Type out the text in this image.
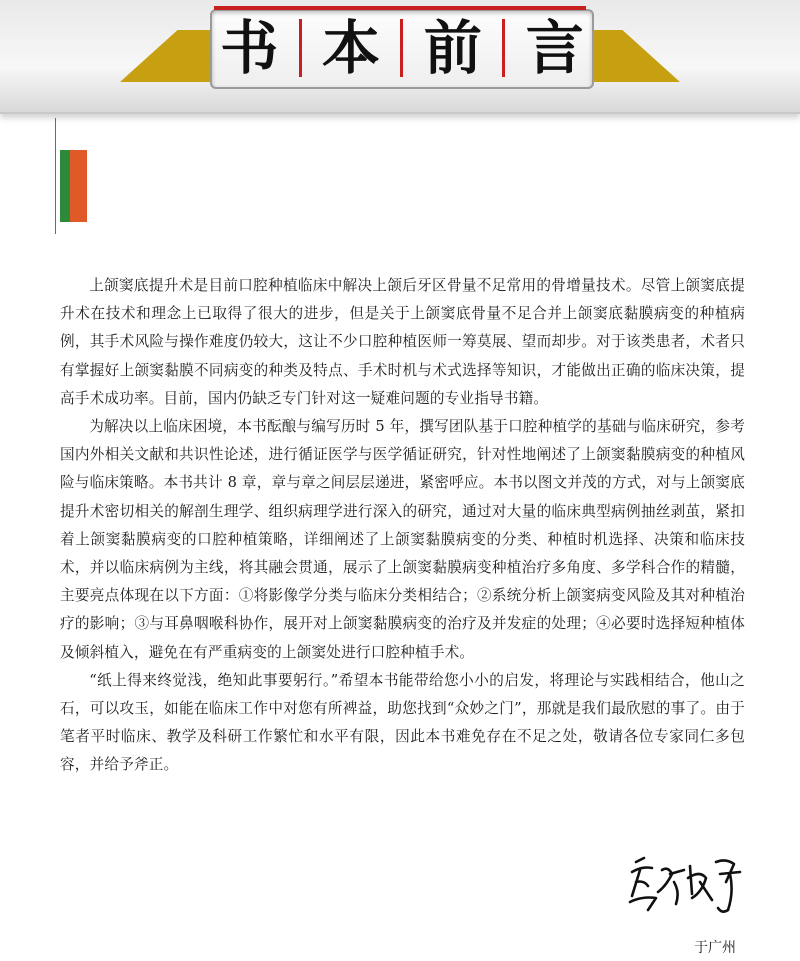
书 本 前 言

上颌窦底提升术是目前口腔种植临床中解决上颌后牙区骨量不足常用的骨增量技术。尽管上颌窦底提升术在技术和理念上已取得了很大的进步，但是关于上颌窦底骨量不足合并上颌窦底黏膜病变的种植病例，其手术风险与操作难度仍较大，这让不少口腔种植医师一筹莫展、望而却步。对于该类患者，术者只有掌握好上颌窦黏膜不同病变的种类及特点、手术时机与术式选择等知识，才能做出正确的临床决策，提高手术成功率。目前，国内仍缺乏专门针对这一疑难问题的专业指导书籍。

为解决以上临床困境，本书酝酿与编写历时 5 年，撰写团队基于口腔种植学的基础与临床研究，参考国内外相关文献和共识性论述，进行循证医学与医学循证研究，针对性地阐述了上颌窦黏膜病变的种植风险与临床策略。本书共计 8 章，章与章之间层层递进，紧密呼应。本书以图文并茂的方式，对与上颌窦底提升术密切相关的解剖生理学、组织病理学进行深入的研究，通过对大量的临床典型病例抽丝剥茧，紧扣着上颌窦黏膜病变的口腔种植策略，详细阐述了上颌窦黏膜病变的分类、种植时机选择、决策和临床技术，并以临床病例为主线，将其融会贯通，展示了上颌窦黏膜病变种植治疗多角度、多学科合作的精髓，主要亮点体现在以下方面：①将影像学分类与临床分类相结合；②系统分析上颌窦病变风险及其对种植治疗的影响；③与耳鼻咽喉科协作，展开对上颌窦黏膜病变的治疗及并发症的处理；④必要时选择短种植体及倾斜植入，避免在有严重病变的上颌窦处进行口腔种植手术。

“纸上得来终觉浅，绝知此事要躬行。”希望本书能带给您小小的启发，将理论与实践相结合，他山之石，可以攻玉，如能在临床工作中对您有所裨益，助您找到“众妙之门”，那就是我们最欣慰的事了。由于笔者平时临床、教学及科研工作繁忙和水平有限，因此本书难免存在不足之处，敬请各位专家同仁多包容，并给予斧正。

于广州
